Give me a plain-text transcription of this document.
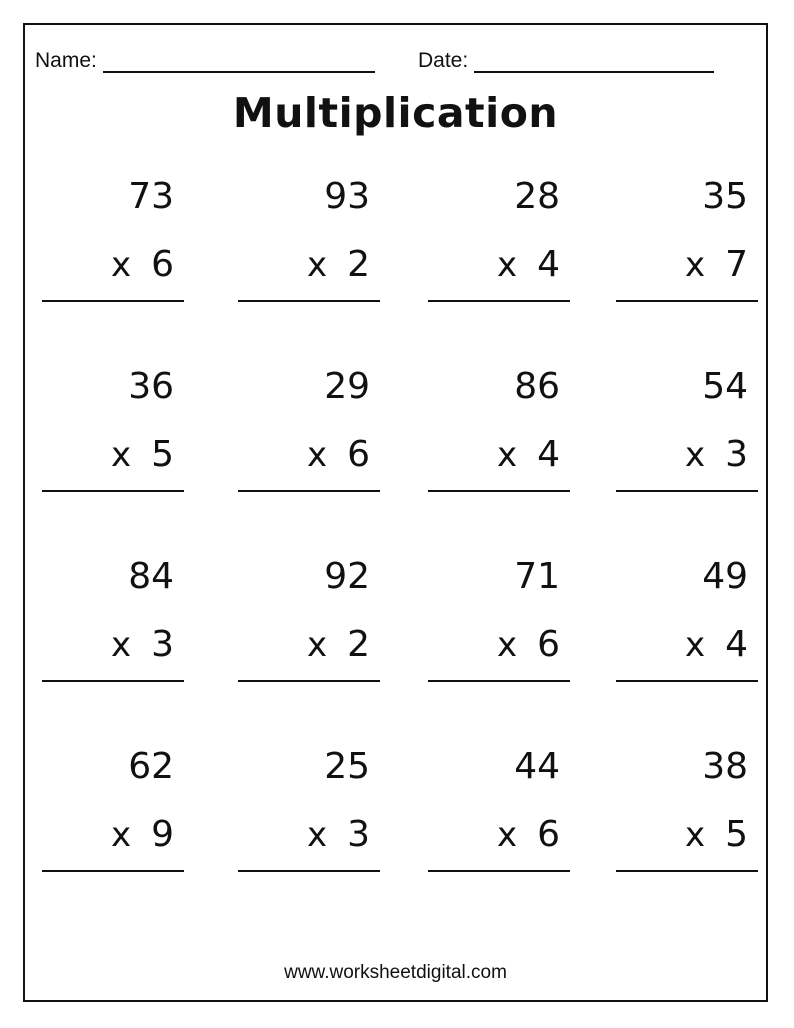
Name:	Date:
Multiplication
73
x 6
93
x 2
28
x 4
35
x 7
36
x 5
29
x 6
86
x 4
54
x 3
84
x 3
92
x 2
71
x 6
49
x 4
62
x 9
25
x 3
44
x 6
38
x 5
www.worksheetdigital.com
